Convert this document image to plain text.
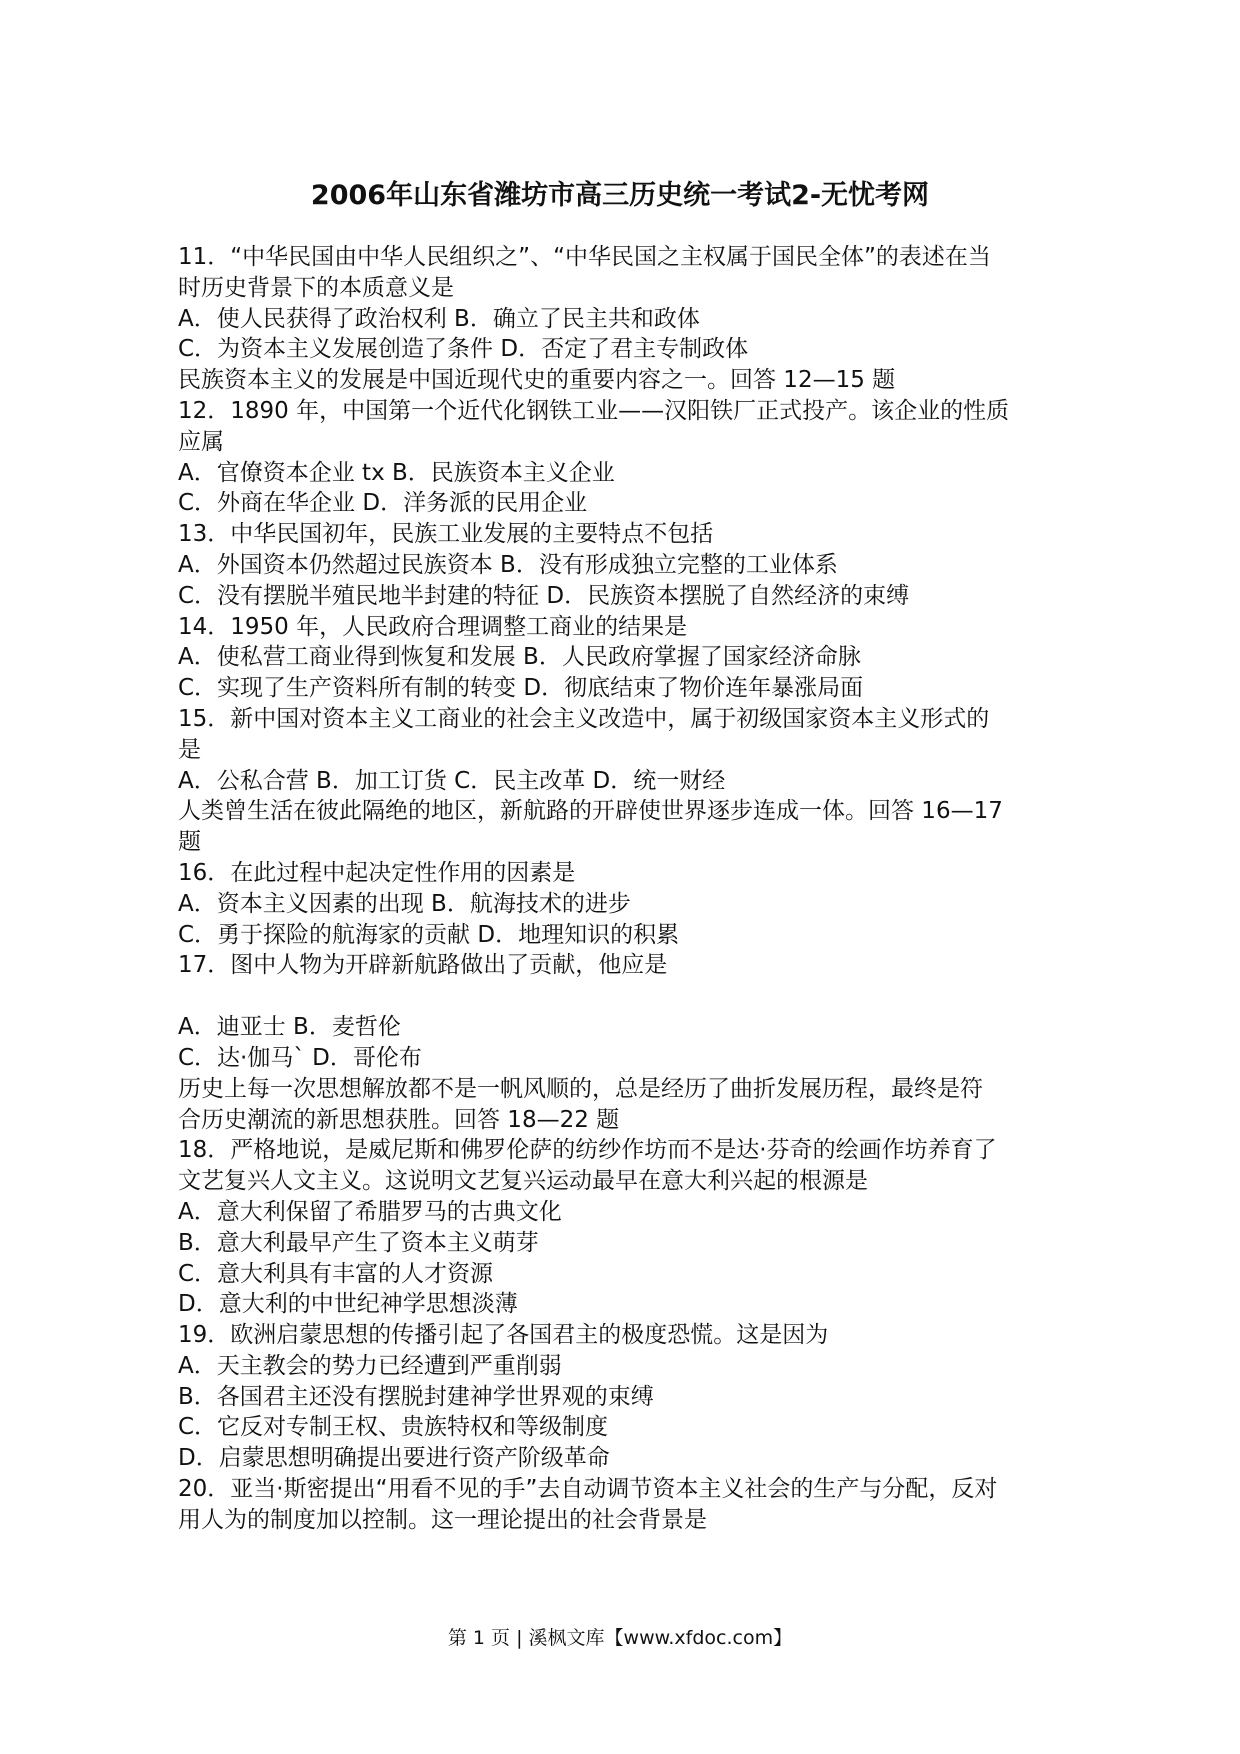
2006年山东省潍坊市高三历史统一考试2-无忧考网
11．“中华民国由中华人民组织之”、“中华民国之主权属于国民全体”的表述在当
时历史背景下的本质意义是
A．使人民获得了政治权利 B．确立了民主共和政体
C．为资本主义发展创造了条件 D．否定了君主专制政体
民族资本主义的发展是中国近现代史的重要内容之一。回答 12—15 题
12．1890 年，中国第一个近代化钢铁工业——汉阳铁厂正式投产。该企业的性质
应属
A．官僚资本企业 tx B．民族资本主义企业
C．外商在华企业 D．洋务派的民用企业
13．中华民国初年，民族工业发展的主要特点不包括
A．外国资本仍然超过民族资本 B．没有形成独立完整的工业体系
C．没有摆脱半殖民地半封建的特征 D．民族资本摆脱了自然经济的束缚
14．1950 年，人民政府合理调整工商业的结果是
A．使私营工商业得到恢复和发展 B．人民政府掌握了国家经济命脉
C．实现了生产资料所有制的转变 D．彻底结束了物价连年暴涨局面
15．新中国对资本主义工商业的社会主义改造中，属于初级国家资本主义形式的
是
A．公私合营 B．加工订货 C．民主改革 D．统一财经
人类曾生活在彼此隔绝的地区，新航路的开辟使世界逐步连成一体。回答 16—17
题
16．在此过程中起决定性作用的因素是
A．资本主义因素的出现 B．航海技术的进步
C．勇于探险的航海家的贡献 D．地理知识的积累
17．图中人物为开辟新航路做出了贡献，他应是
A．迪亚士 B．麦哲伦
C．达·伽马` D．哥伦布
历史上每一次思想解放都不是一帆风顺的，总是经历了曲折发展历程，最终是符
合历史潮流的新思想获胜。回答 18—22 题
18．严格地说，是威尼斯和佛罗伦萨的纺纱作坊而不是达·芬奇的绘画作坊养育了
文艺复兴人文主义。这说明文艺复兴运动最早在意大利兴起的根源是
A．意大利保留了希腊罗马的古典文化
B．意大利最早产生了资本主义萌芽
C．意大利具有丰富的人才资源
D．意大利的中世纪神学思想淡薄
19．欧洲启蒙思想的传播引起了各国君主的极度恐慌。这是因为
A．天主教会的势力已经遭到严重削弱
B．各国君主还没有摆脱封建神学世界观的束缚
C．它反对专制王权、贵族特权和等级制度
D．启蒙思想明确提出要进行资产阶级革命
20．亚当·斯密提出“用看不见的手”去自动调节资本主义社会的生产与分配，反对
用人为的制度加以控制。这一理论提出的社会背景是
第 1 页 | 溪枫文库【www.xfdoc.com】
